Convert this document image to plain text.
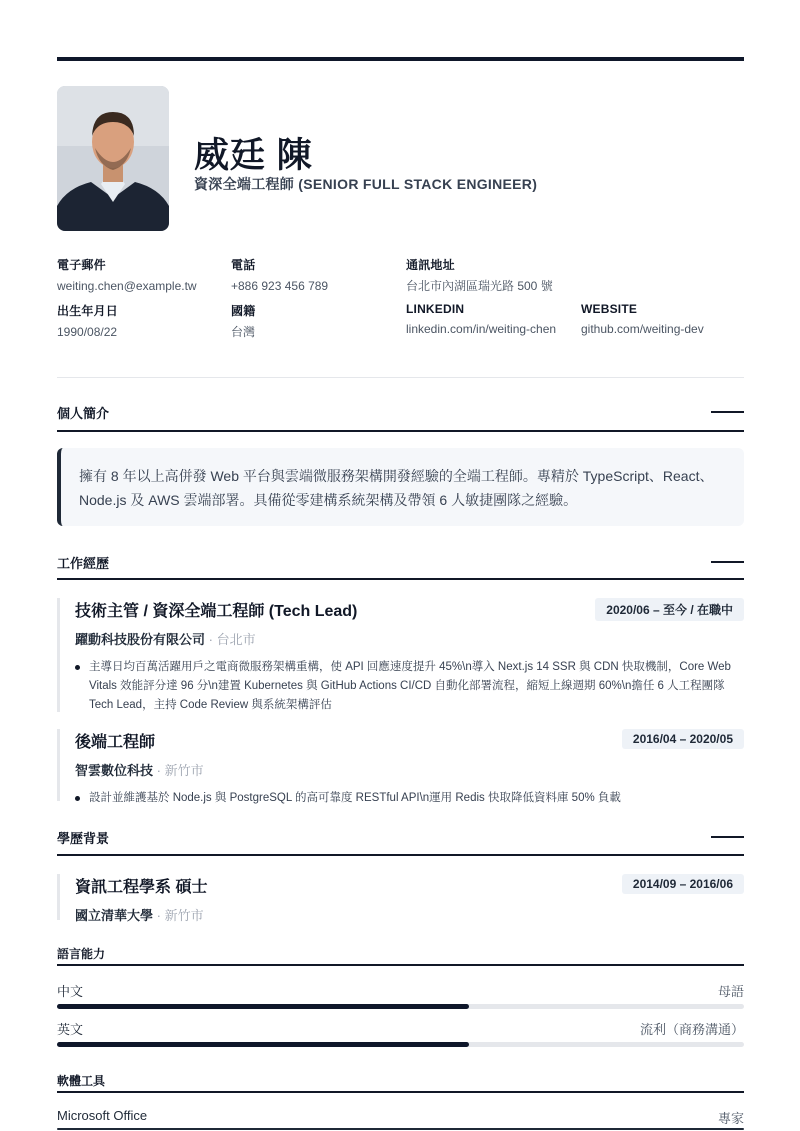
威廷 陳
資深全端工程師 (SENIOR FULL STACK ENGINEER)
電子郵件
weiting.chen@example.tw
電話
+886 923 456 789
通訊地址
台北市內湖區瑞光路 500 號
出生年月日
1990/08/22
國籍
台灣
LINKEDIN
linkedin.com/in/weiting-chen
WEBSITE
github.com/weiting-dev
個人簡介
擁有 8 年以上高併發 Web 平台與雲端微服務架構開發經驗的全端工程師。專精於 TypeScript、React、Node.js 及 AWS 雲端部署。具備從零建構系統架構及帶領 6 人敏捷團隊之經驗。
工作經歷
技術主管 / 資深全端工程師 (Tech Lead)	2020/06 – 至今 / 在職中
躍動科技股份有限公司 · 台北市
主導日均百萬活躍用戶之電商微服務架構重構，使 API 回應速度提升 45%\n導入 Next.js 14 SSR 與 CDN 快取機制，Core Web Vitals 效能評分達 96 分\n建置 Kubernetes 與 GitHub Actions CI/CD 自動化部署流程，縮短上線週期 60%\n擔任 6 人工程團隊 Tech Lead，主持 Code Review 與系統架構評估
後端工程師	2016/04 – 2020/05
智雲數位科技 · 新竹市
設計並維護基於 Node.js 與 PostgreSQL 的高可靠度 RESTful API\n運用 Redis 快取降低資料庫 50% 負載
學歷背景
資訊工程學系 碩士	2014/09 – 2016/06
國立清華大學 · 新竹市
語言能力
中文	母語
英文	流利（商務溝通）
軟體工具
Microsoft Office	專家
